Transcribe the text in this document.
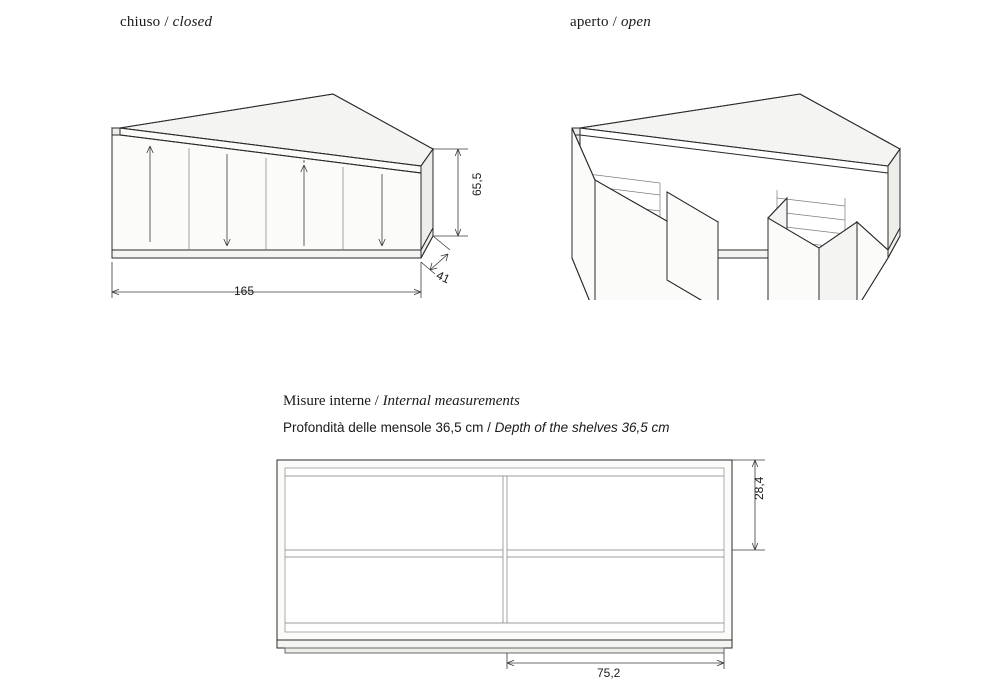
chiuso / closed
165
65,5
41
aperto / open
Misure interne / Internal measurements
Profondità delle mensole 36,5 cm / Depth of the shelves 36,5 cm
28,4
75,2
